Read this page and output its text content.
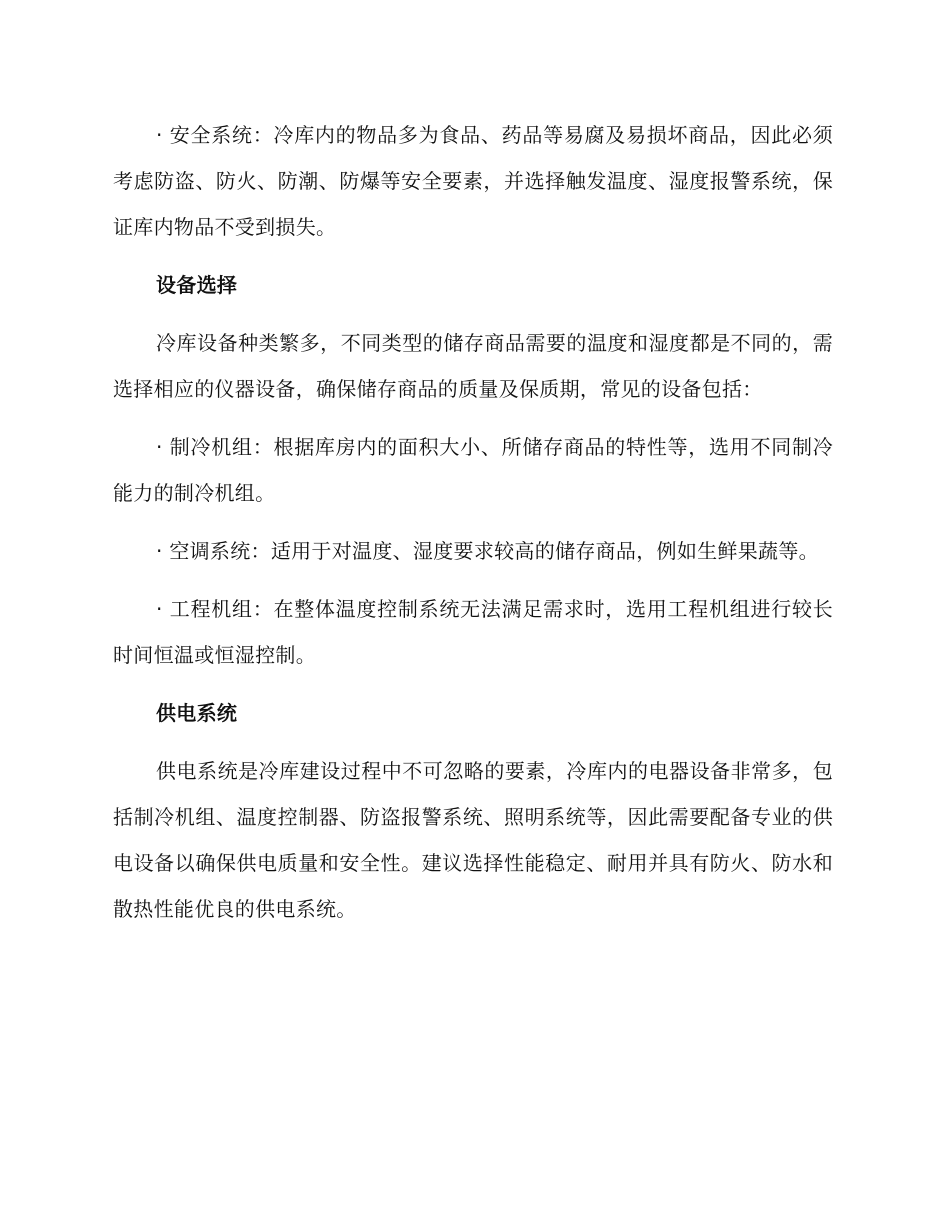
· 安全系统：冷库内的物品多为食品、药品等易腐及易损坏商品，因此必须考虑防盗、防火、防潮、防爆等安全要素，并选择触发温度、湿度报警系统，保证库内物品不受到损失。

设备选择

冷库设备种类繁多，不同类型的储存商品需要的温度和湿度都是不同的，需选择相应的仪器设备，确保储存商品的质量及保质期，常见的设备包括：

· 制冷机组：根据库房内的面积大小、所储存商品的特性等，选用不同制冷能力的制冷机组。

· 空调系统：适用于对温度、湿度要求较高的储存商品，例如生鲜果蔬等。

· 工程机组：在整体温度控制系统无法满足需求时，选用工程机组进行较长时间恒温或恒湿控制。

供电系统

供电系统是冷库建设过程中不可忽略的要素，冷库内的电器设备非常多，包括制冷机组、温度控制器、防盗报警系统、照明系统等，因此需要配备专业的供电设备以确保供电质量和安全性。建议选择性能稳定、耐用并具有防火、防水和散热性能优良的供电系统。
